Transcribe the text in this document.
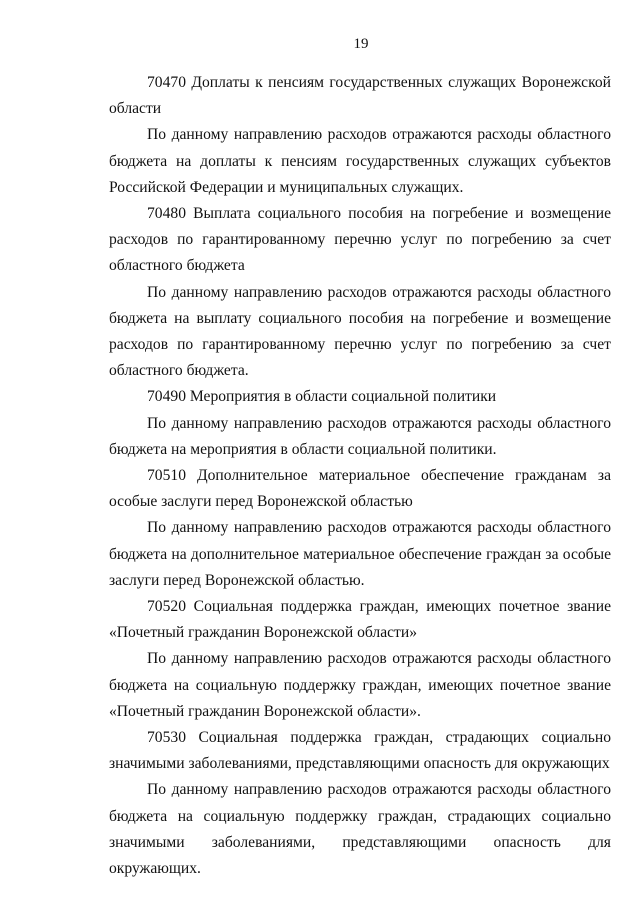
19

70470 Доплаты к пенсиям государственных служащих Воронежской области

По данному направлению расходов отражаются расходы областного бюджета на доплаты к пенсиям государственных служащих субъектов Российской Федерации и муниципальных служащих.

70480 Выплата социального пособия на погребение и возмещение расходов по гарантированному перечню услуг по погребению за счет областного бюджета

По данному направлению расходов отражаются расходы областного бюджета на выплату социального пособия на погребение и возмещение расходов по гарантированному перечню услуг по погребению за счет областного бюджета.

70490 Мероприятия в области социальной политики

По данному направлению расходов отражаются расходы областного бюджета на мероприятия в области социальной политики.

70510 Дополнительное материальное обеспечение гражданам за особые заслуги перед Воронежской областью

По данному направлению расходов отражаются расходы областного бюджета на дополнительное материальное обеспечение граждан за особые заслуги перед Воронежской областью.

70520 Социальная поддержка граждан, имеющих почетное звание «Почетный гражданин Воронежской области»

По данному направлению расходов отражаются расходы областного бюджета на социальную поддержку граждан, имеющих почетное звание «Почетный гражданин Воронежской области».

70530 Социальная поддержка граждан, страдающих социально значимыми заболеваниями, представляющими опасность для окружающих

По данному направлению расходов отражаются расходы областного бюджета на социальную поддержку граждан, страдающих социально значимыми заболеваниями, представляющими опасность для окружающих.
